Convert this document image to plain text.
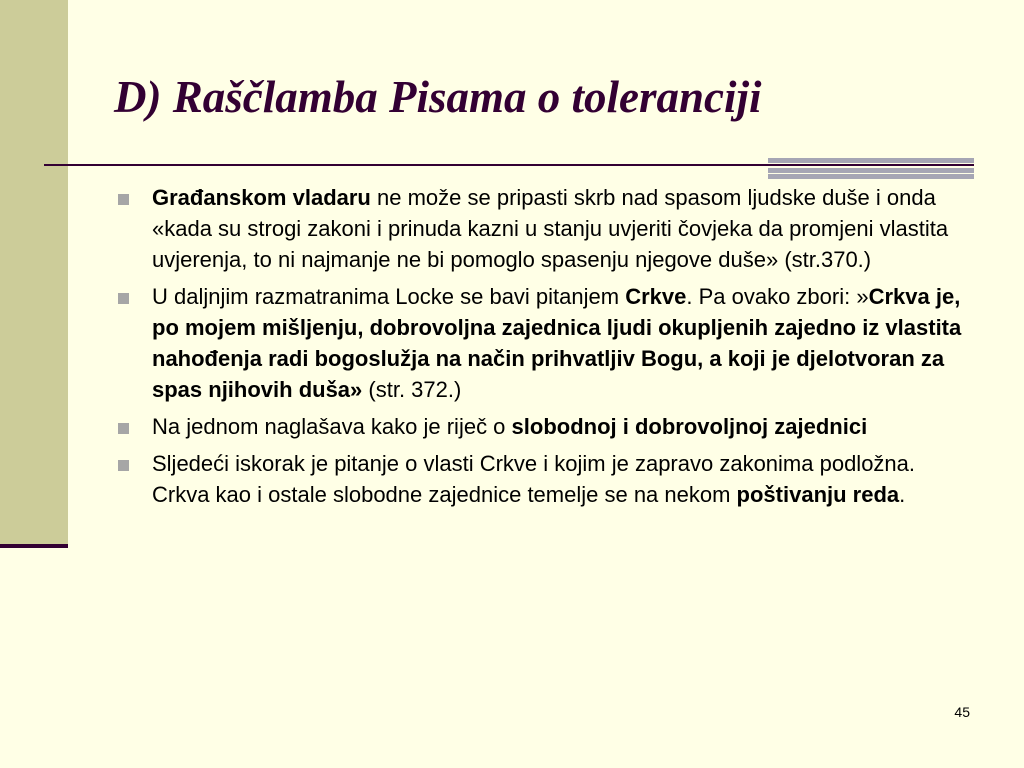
D) Raščlamba Pisama o toleranciji
Građanskom vladaru ne može se pripasti skrb nad spasom ljudske duše i onda «kada su strogi zakoni i prinuda kazni u stanju uvjeriti čovjeka da promjeni vlastita uvjerenja, to ni najmanje ne bi pomoglo spasenju njegove duše» (str.370.)
U daljnjim razmatranima Locke se bavi pitanjem Crkve. Pa ovako zbori: »Crkva je, po mojem mišljenju, dobrovoljna zajednica ljudi okupljenih zajedno iz vlastita nahođenja radi bogoslužja na način prihvatljiv Bogu, a koji je djelotvoran za spas njihovih duša» (str. 372.)
Na jednom naglašava kako je riječ o slobodnoj i dobrovoljnoj zajednici
Sljedeći iskorak je pitanje o vlasti Crkve i kojim je zapravo zakonima podložna. Crkva kao i ostale slobodne zajednice temelje se na nekom poštivanju reda.
45
